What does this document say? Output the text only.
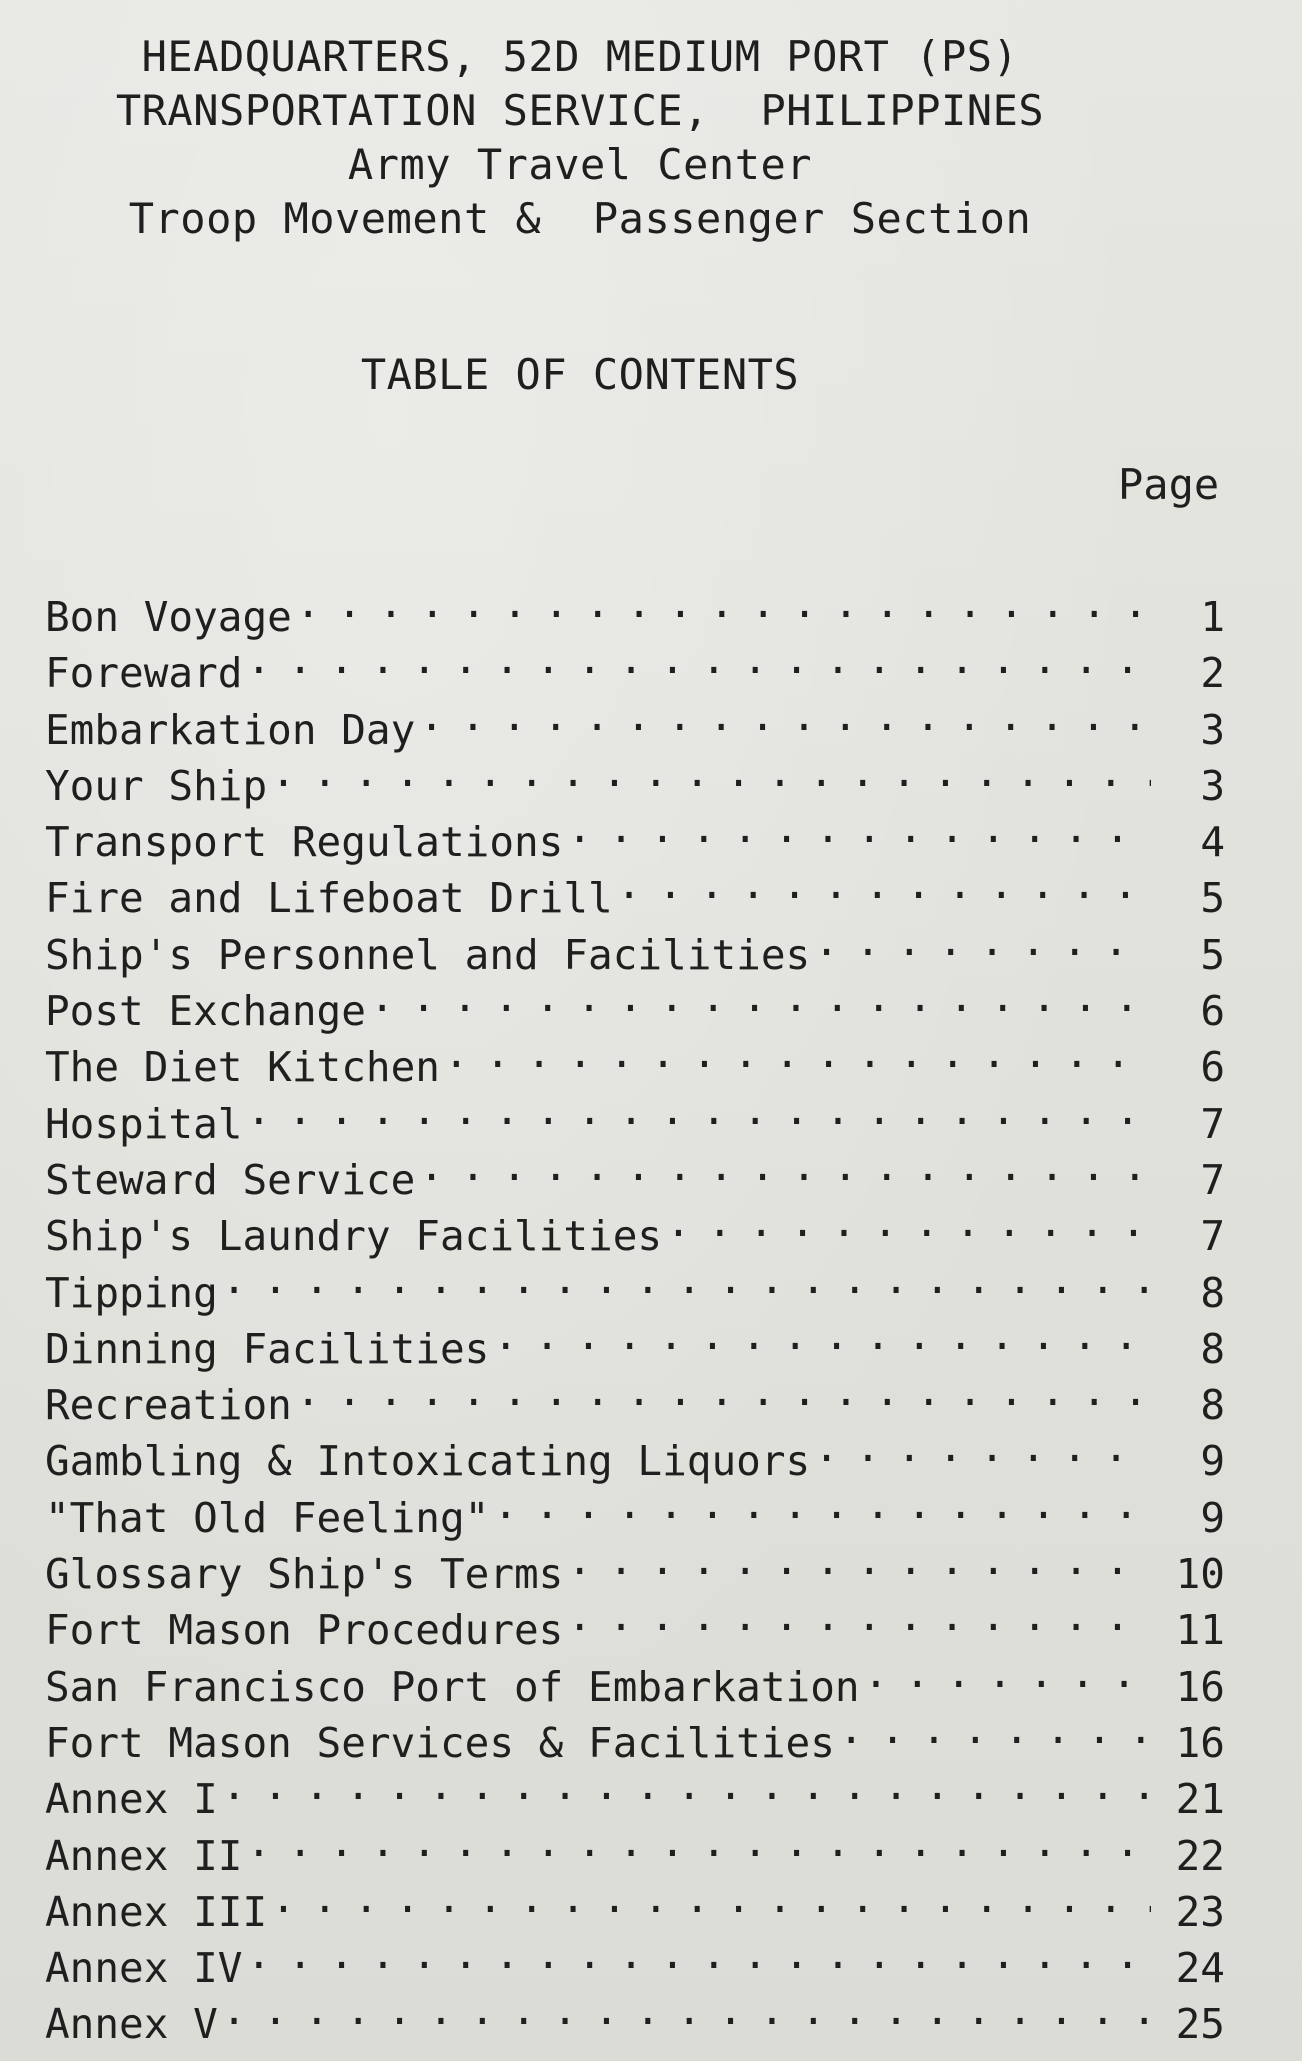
HEADQUARTERS, 52D MEDIUM PORT (PS)
TRANSPORTATION SERVICE,  PHILIPPINES
Army Travel Center
Troop Movement &  Passenger Section
TABLE OF CONTENTS
Page
Bon Voyage . . .	1
Foreward . . .	2
Embarkation Day . . .	3
Your Ship . . .	3
Transport Regulations . . .	4
Fire and Lifeboat Drill . . .	5
Ship's Personnel and Facilities . . .	5
Post Exchange . . .	6
The Diet Kitchen . . .	6
Hospital . . .	7
Steward Service . . .	7
Ship's Laundry Facilities . . .	7
Tipping . . .	8
Dinning Facilities . . .	8
Recreation . . .	8
Gambling & Intoxicating Liquors . . .	9
"That Old Feeling" . . .	9
Glossary Ship's Terms . . .	10
Fort Mason Procedures . . .	11
San Francisco Port of Embarkation . . .	16
Fort Mason Services & Facilities . . .	16
Annex I . . .	21
Annex II . . .	22
Annex III . . .	23
Annex IV . . .	24
Annex V . . .	25
